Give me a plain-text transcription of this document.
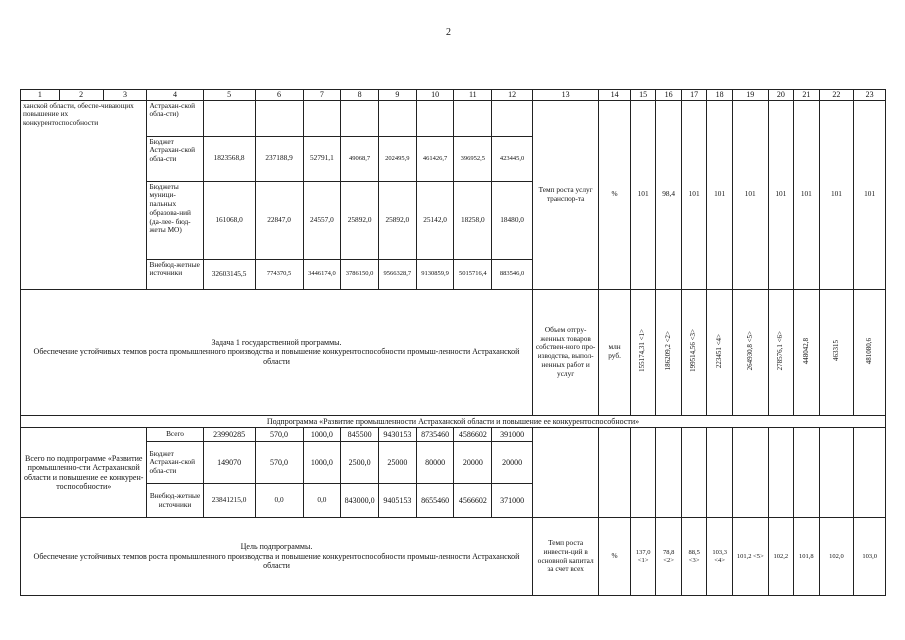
2
1	2	3	4	5	6	7	8	9	10	11	12	13	14	15	16	17	18	19	20	21	22	23
ханской области, обеспе-чивающих повышение их конкурентоспособности			Астрахан-ской обла-сти)									Темп роста услуг транспор-та	%	101	98,4	101	101	101	101	101	101	101
			Бюджет Астрахан-ской обла-сти	1823568,8	237188,9	52791,1	49068,7	202495,9	461426,7	396952,5	423445,0											
			Бюджеты муници-пальных образова-ний (да-лее- бюд-жеты МО)	161068,0	22847,0	24557,0	25892,0	25892,0	25142,0	18258,0	18480,0											
			Внебюд-жетные источники	32603145,5	774370,5	3446174,0	3786150,0	9566328,7	9130859,9	5015716,4	883546,0											

Задача 1 государственной программы.
Обеспечение устойчивых темпов роста промышленного производства и повышение конкурентоспособности промыш-ленности Астраханской области												Объем отгру-женных товаров собствен-ного про-изводства, выпол-ненных работ и услуг	млн руб.	155174,31 <1>	186209,2 <2>	199514,56 <3>	223451 <4>	264930,8 <5>	278576,1 <6>	448042,8	463315	481080,6
Подпрограмма «Развитие промышленности Астраханской области и повышение ее конкурентоспособности»																						
Всего по подпрограмме «Развитие промышленно-сти Астраханской области и повышение ее конкурен-тоспособности»			Всего	23990285	570,0	1000,0	845500	9430153	8735460	4586602	391000											
			Бюджет Астрахан-ской обла-сти	149070	570,0	1000,0	2500,0	25000	80000	20000	20000											
			Внебюд-жетные источники	23841215,0	0,0	0,0	843000,0	9405153	8655460	4566602	371000											

Цель подпрограммы.
Обеспечение устойчивых темпов роста промышленного производства и повышение конкурентоспособности промыш-ленности Астраханской области												Темп роста инвести-ций в основной капитал за счет всех	%	137,0 <1>	78,8 <2>	88,5 <3>	103,3 <4>	101,2 <5>	102,2	101,8	102,0	103,0
